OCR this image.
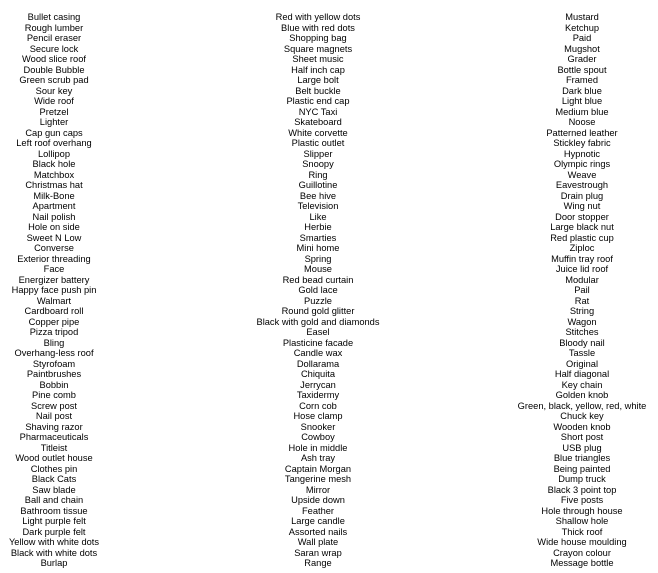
Bullet casing
Rough lumber
Pencil eraser
Secure lock
Wood slice roof
Double Bubble
Green scrub pad
Sour key
Wide roof
Pretzel
Lighter
Cap gun caps
Left roof overhang
Lollipop
Black hole
Matchbox
Christmas hat
Milk-Bone
Apartment
Nail polish
Hole on side
Sweet N Low
Converse
Exterior threading
Face
Energizer battery
Happy face push pin
Walmart
Cardboard roll
Copper pipe
Pizza tripod
Bling
Overhang-less roof
Styrofoam
Paintbrushes
Bobbin
Pine comb
Screw post
Nail post
Shaving razor
Pharmaceuticals
Titleist
Wood outlet house
Clothes pin
Black Cats
Saw blade
Ball and chain
Bathroom tissue
Light purple felt
Dark purple felt
Yellow with white dots
Black with white dots
Burlap
Red with yellow dots
Blue with red dots
Shopping bag
Square magnets
Sheet music
Half inch cap
Large bolt
Belt buckle
Plastic end cap
NYC Taxi
Skateboard
White corvette
Plastic outlet
Slipper
Snoopy
Ring
Guillotine
Bee hive
Television
Like
Herbie
Smarties
Mini home
Spring
Mouse
Red bead curtain
Gold lace
Puzzle
Round gold glitter
Black with gold and diamonds
Easel
Plasticine facade
Candle wax
Dollarama
Chiquita
Jerrycan
Taxidermy
Corn cob
Hose clamp
Snooker
Cowboy
Hole in middle
Ash tray
Captain Morgan
Tangerine mesh
Mirror
Upside down
Feather
Large candle
Assorted nails
Wall plate
Saran wrap
Range
Mustard
Ketchup
Paid
Mugshot
Grader
Bottle spout
Framed
Dark blue
Light blue
Medium blue
Noose
Patterned leather
Stickley fabric
Hypnotic
Olympic rings
Weave
Eavestrough
Drain plug
Wing nut
Door stopper
Large black nut
Red plastic cup
Ziploc
Muffin tray roof
Juice lid roof
Modular
Pail
Rat
String
Wagon
Stitches
Bloody nail
Tassle
Original
Half diagonal
Key chain
Golden knob
Green, black, yellow, red, white
Chuck key
Wooden knob
Short post
USB plug
Blue triangles
Being painted
Dump truck
Black 3 point top
Five posts
Hole through house
Shallow hole
Thick roof
Wide house moulding
Crayon colour
Message bottle
